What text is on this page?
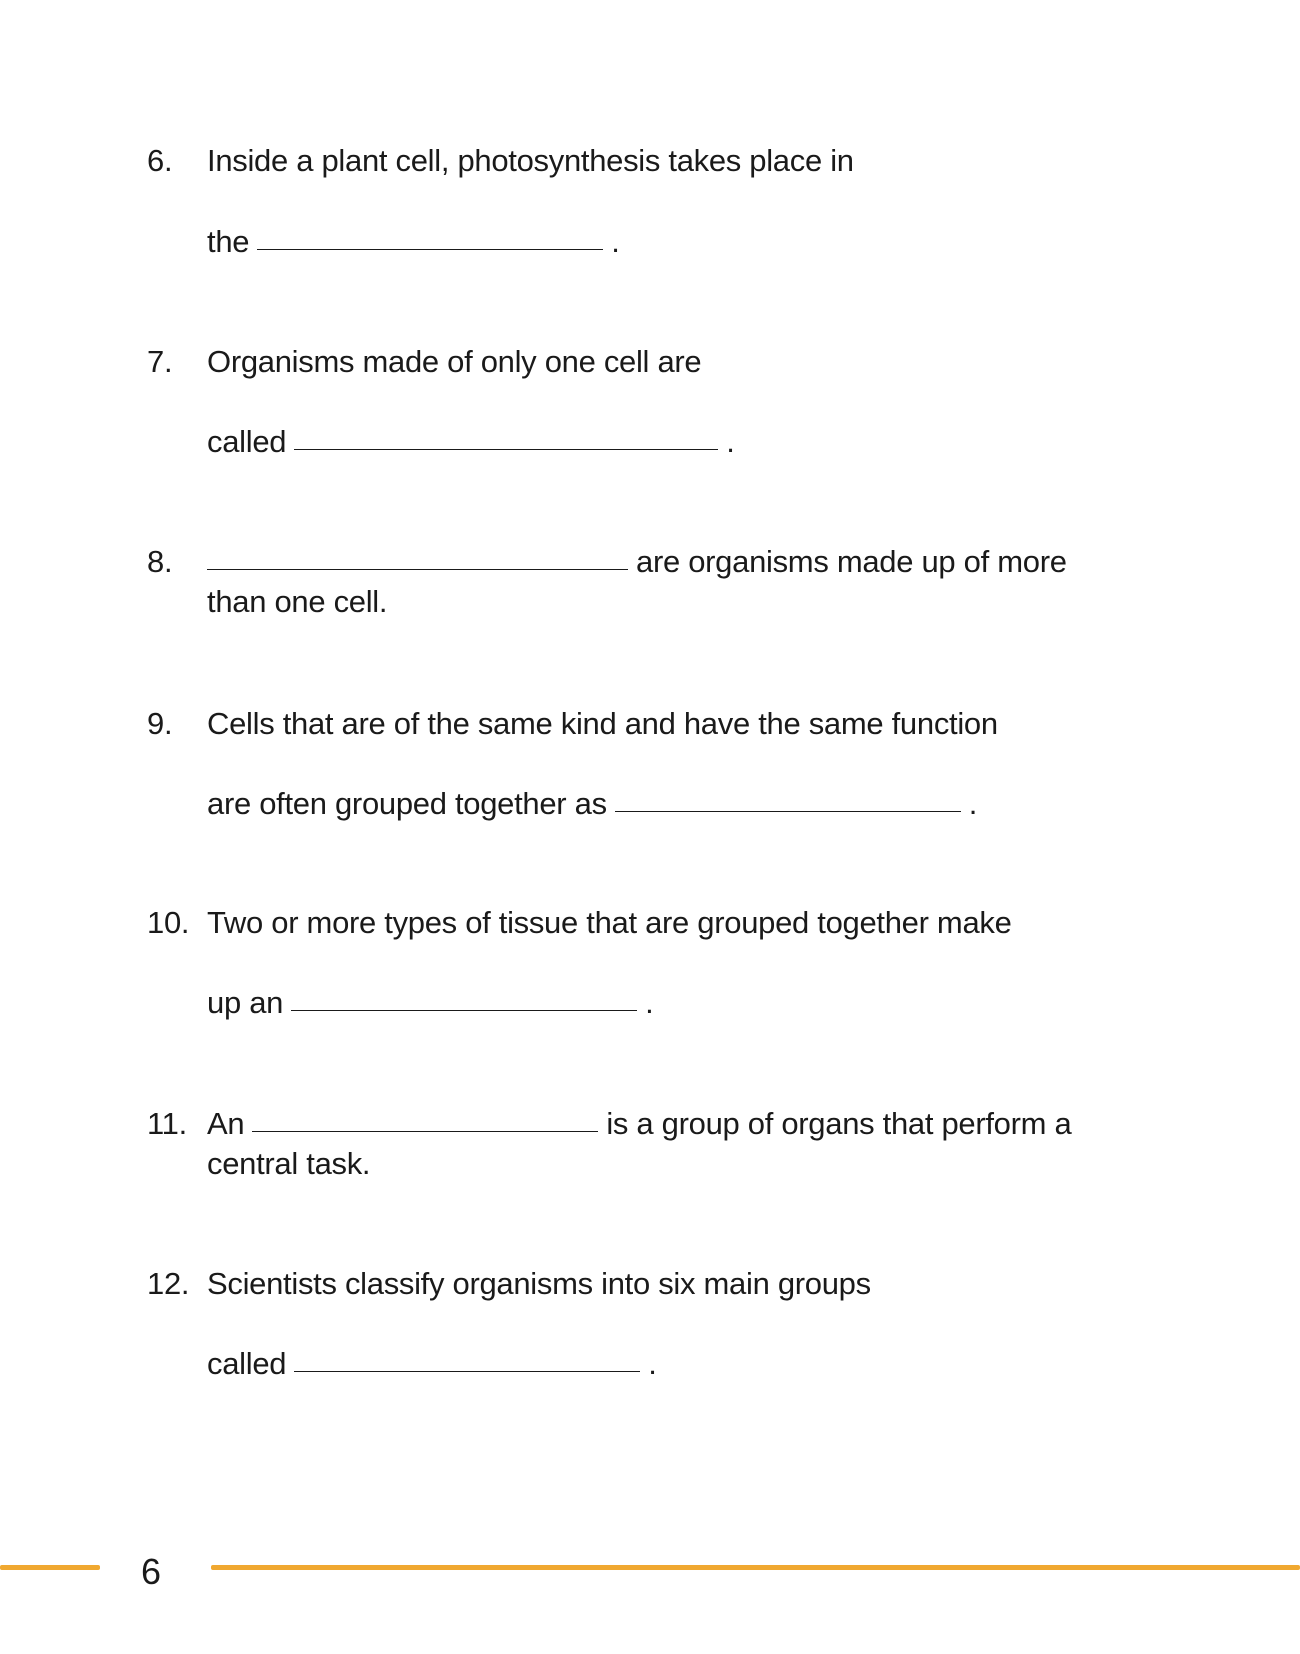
6. Inside a plant cell, photosynthesis takes place in
the	.
7. Organisms made of only one cell are
called	.
8.	are organisms made up of more
than one cell.
9. Cells that are of the same kind and have the same function
are often grouped together as	.
10. Two or more types of tissue that are grouped together make
up an	.
11. An	is a group of organs that perform a
central task.
12. Scientists classify organisms into six main groups
called	.
6
